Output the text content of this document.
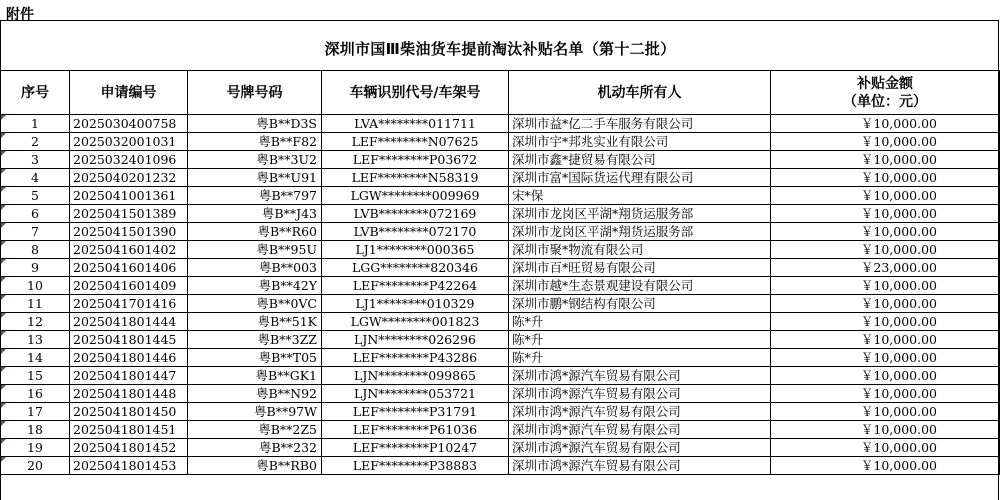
附件
深圳市国Ⅲ柴油货车提前淘汰补贴名单（第十二批）
序号	申请编号	号牌号码	车辆识别代号/车架号	机动车所有人	补贴金额
（单位：元）

1	2025030400758	粤B**D3S	LVA********011711	深圳市益*亿二手车服务有限公司	￥10,000.00
2	2025032001031	粤B**F82	LEF********N07625	深圳市宇*邦兆实业有限公司	￥10,000.00
3	2025032401096	粤B**3U2	LEF********P03672	深圳市鑫*捷贸易有限公司	￥10,000.00
4	2025040201232	粤B**U91	LEF********N58319	深圳市富*国际货运代理有限公司	￥10,000.00
5	2025041001361	粤B**797	LGW********009969	宋*保	￥10,000.00
6	2025041501389	粤B**J43	LVB********072169	深圳市龙岗区平湖*翔货运服务部	￥10,000.00
7	2025041501390	粤B**R60	LVB********072170	深圳市龙岗区平湖*翔货运服务部	￥10,000.00
8	2025041601402	粤B**95U	LJ1********000365	深圳市聚*物流有限公司	￥10,000.00
9	2025041601406	粤B**003	LGG********820346	深圳市百*旺贸易有限公司	￥23,000.00
10	2025041601409	粤B**42Y	LEF********P42264	深圳市越*生态景观建设有限公司	￥10,000.00
11	2025041701416	粤B**0VC	LJ1********010329	深圳市鹏*钢结构有限公司	￥10,000.00
12	2025041801444	粤B**51K	LGW********001823	陈*升	￥10,000.00
13	2025041801445	粤B**3ZZ	LJN********026296	陈*升	￥10,000.00
14	2025041801446	粤B**T05	LEF********P43286	陈*升	￥10,000.00
15	2025041801447	粤B**GK1	LJN********099865	深圳市鸿*源汽车贸易有限公司	￥10,000.00
16	2025041801448	粤B**N92	LJN********053721	深圳市鸿*源汽车贸易有限公司	￥10,000.00
17	2025041801450	粤B**97W	LEF********P31791	深圳市鸿*源汽车贸易有限公司	￥10,000.00
18	2025041801451	粤B**2Z5	LEF********P61036	深圳市鸿*源汽车贸易有限公司	￥10,000.00
19	2025041801452	粤B**232	LEF********P10247	深圳市鸿*源汽车贸易有限公司	￥10,000.00
20	2025041801453	粤B**RB0	LEF********P38883	深圳市鸿*源汽车贸易有限公司	￥10,000.00
